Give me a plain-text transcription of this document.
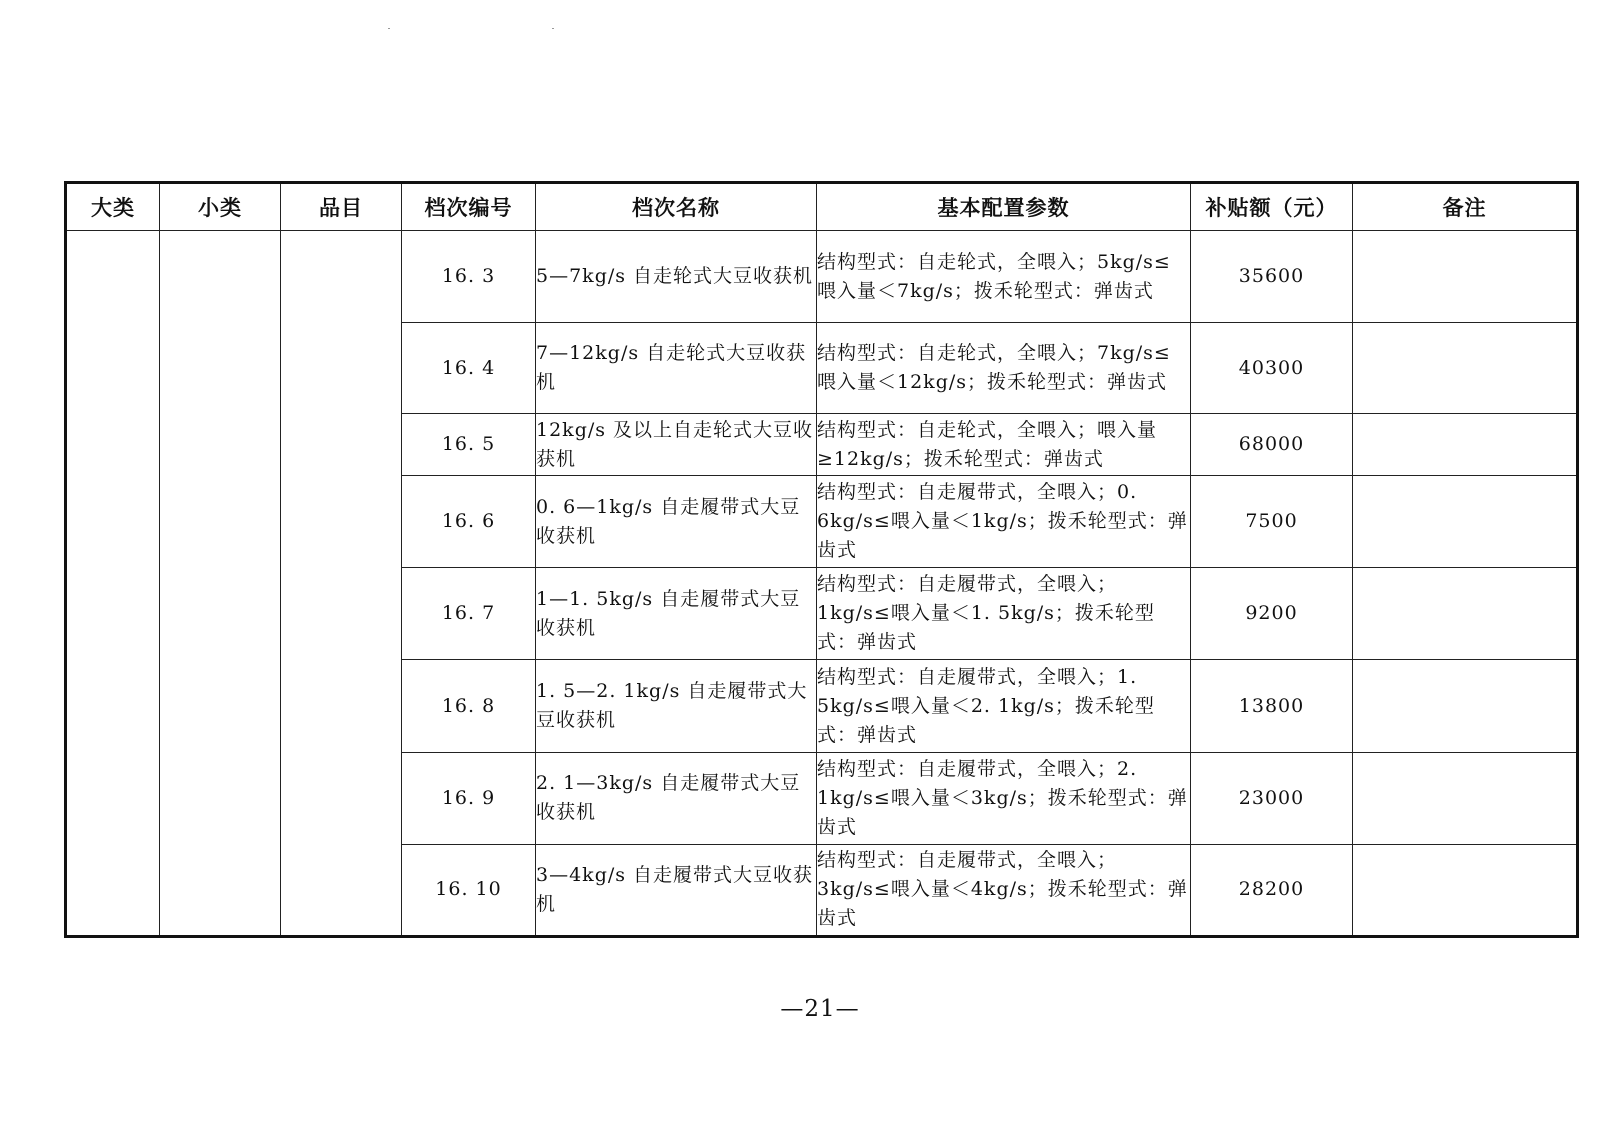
大类	小类	品目	档次编号	档次名称	基本配置参数	补贴额（元）	备注
			16. 3	5—7kg/s 自走轮式大豆收获机	结构型式：自走轮式，全喂入；5kg/s≤喂入量＜7kg/s；拨禾轮型式：弹齿式	35600	
			16. 4	7—12kg/s 自走轮式大豆收获机	结构型式：自走轮式，全喂入；7kg/s≤喂入量＜12kg/s；拨禾轮型式：弹齿式	40300	
			16. 5	12kg/s 及以上自走轮式大豆收获机	结构型式：自走轮式，全喂入；喂入量≥12kg/s；拨禾轮型式：弹齿式	68000	
			16. 6	0. 6—1kg/s 自走履带式大豆收获机	结构型式：自走履带式，全喂入；0. 6kg/s≤喂入量＜1kg/s；拨禾轮型式：弹齿式	7500	
			16. 7	1—1. 5kg/s 自走履带式大豆收获机	结构型式：自走履带式，全喂入；1kg/s≤喂入量＜1. 5kg/s；拨禾轮型式：弹齿式	9200	
			16. 8	1. 5—2. 1kg/s 自走履带式大豆收获机	结构型式：自走履带式，全喂入；1. 5kg/s≤喂入量＜2. 1kg/s；拨禾轮型式：弹齿式	13800	
			16. 9	2. 1—3kg/s 自走履带式大豆收获机	结构型式：自走履带式，全喂入；2. 1kg/s≤喂入量＜3kg/s；拨禾轮型式：弹齿式	23000	
			16. 10	3—4kg/s 自走履带式大豆收获机	结构型式：自走履带式，全喂入；3kg/s≤喂入量＜4kg/s；拨禾轮型式：弹齿式	28200	
—21—
